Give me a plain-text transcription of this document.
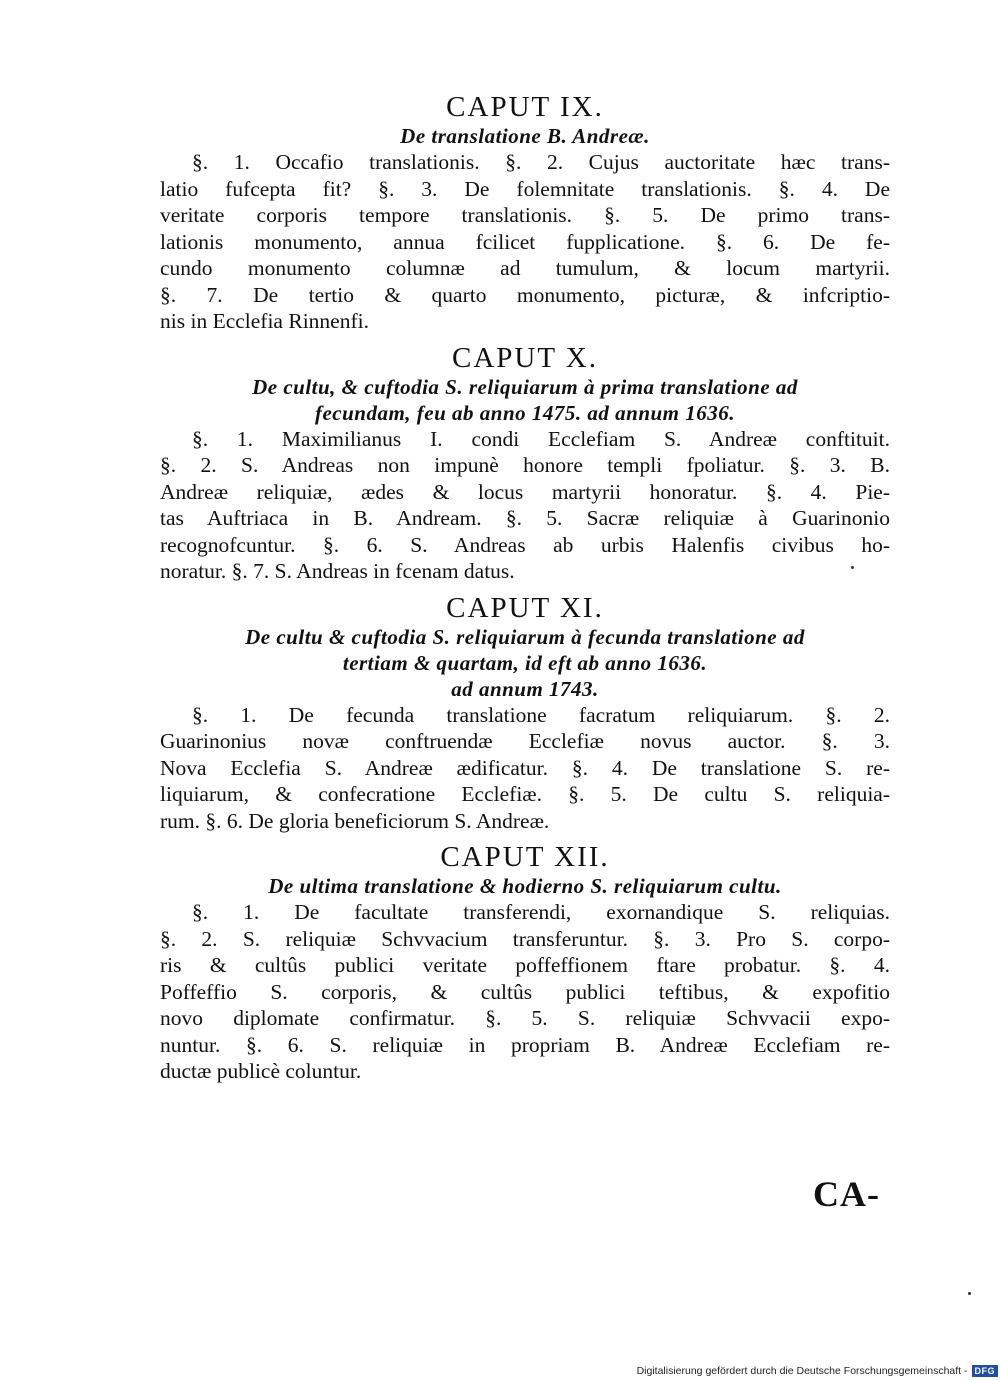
CAPUT IX.
De translatione B. Andreæ.

§. 1. Occafio translationis. §. 2. Cujus auctoritate hæc trans-
latio fufcepta fit? §. 3. De folemnitate translationis. §. 4. De
veritate corporis tempore translationis. §. 5. De primo trans-
lationis monumento, annua fcilicet fupplicatione. §. 6. De fe-
cundo monumento columnæ ad tumulum, & locum martyrii.
§. 7. De tertio & quarto monumento, picturæ, & infcriptio-
nis in Ecclefia Rinnenfi.

CAPUT X.
De cultu, & cuftodia S. reliquiarum à prima translatione ad
fecundam, feu ab anno 1475. ad annum 1636.

§. 1. Maximilianus I. condi Ecclefiam S. Andreæ conftituit.
§. 2. S. Andreas non impunè honore templi fpoliatur. §. 3. B.
Andreæ reliquiæ, ædes & locus martyrii honoratur. §. 4. Pie-
tas Auftriaca in B. Andream. §. 5. Sacræ reliquiæ à Guarinonio
recognofcuntur. §. 6. S. Andreas ab urbis Halenfis civibus ho-
noratur. §. 7. S. Andreas in fcenam datus.

CAPUT XI.
De cultu & cuftodia S. reliquiarum à fecunda translatione ad
tertiam & quartam, id eft ab anno 1636.
ad annum 1743.

§. 1. De fecunda translatione facratum reliquiarum. §. 2.
Guarinonius novæ conftruendæ Ecclefiæ novus auctor. §. 3.
Nova Ecclefia S. Andreæ ædificatur. §. 4. De translatione S. re-
liquiarum, & confecratione Ecclefiæ. §. 5. De cultu S. reliquia-
rum. §. 6. De gloria beneficiorum S. Andreæ.

CAPUT XII.
De ultima translatione & hodierno S. reliquiarum cultu.

§. 1. De facultate transferendi, exornandique S. reliquias.
§. 2. S. reliquiæ Schvvacium transferuntur. §. 3. Pro S. corpo-
ris & cultûs publici veritate poffeffionem ftare probatur. §. 4.
Poffeffio S. corporis, & cultûs publici teftibus, & expofitio
novo diplomate confirmatur. §. 5. S. reliquiæ Schvvacii expo-
nuntur. §. 6. S. reliquiæ in propriam B. Andreæ Ecclefiam re-
ductæ publicè coluntur.

CA-
Digitalisierung gefördert durch die Deutsche Forschungsgemeinschaft - DFG
